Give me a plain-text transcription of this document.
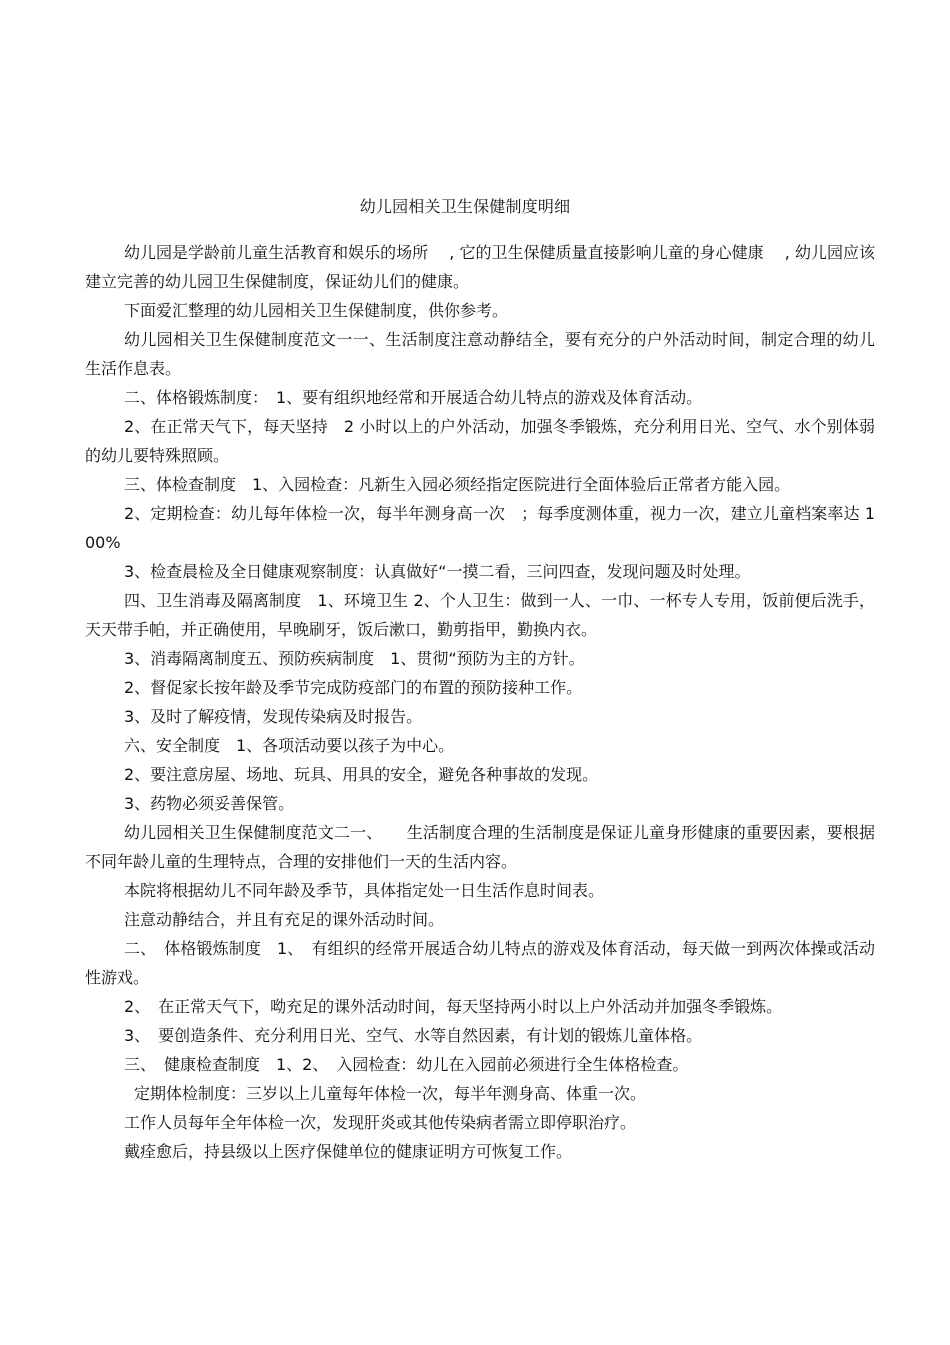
幼儿园相关卫生保健制度明细

幼儿园是学龄前儿童生活教育和娱乐的场所　 , 它的卫生保健质量直接影响儿童的身心健康　 , 幼儿园应该建立完善的幼儿园卫生保健制度，保证幼儿们的健康。

下面爱汇整理的幼儿园相关卫生保健制度，供你参考。

幼儿园相关卫生保健制度范文一一、生活制度注意动静结全，要有充分的户外活动时间，制定合理的幼儿生活作息表。

二、体格锻炼制度：　1、要有组织地经常和开展适合幼儿特点的游戏及体育活动。

2、在正常天气下，每天坚持　2 小时以上的户外活动，加强冬季锻炼，充分利用日光、空气、水个别体弱的幼儿要特殊照顾。

三、体检查制度　1、入园检查：凡新生入园必须经指定医院进行全面体验后正常者方能入园。

2、定期检查：幼儿每年体检一次，每半年测身高一次　；每季度测体重，视力一次，建立儿童档案率达 100%

3、检查晨检及全日健康观察制度：认真做好“一摸二看，三问四查，发现问题及时处理。

四、卫生消毒及隔离制度　1、环境卫生 2、个人卫生：做到一人、一巾、一杯专人专用，饭前便后洗手，天天带手帕，并正确使用，早晚刷牙，饭后漱口，勤剪指甲，勤换内衣。

3、消毒隔离制度五、预防疾病制度　1、贯彻“预防为主的方针。

2、督促家长按年龄及季节完成防疫部门的布置的预防接种工作。

3、及时了解疫情，发现传染病及时报告。

六、安全制度　1、各项活动要以孩子为中心。

2、要注意房屋、场地、玩具、用具的安全，避免各种事故的发现。

3、药物必须妥善保管。

幼儿园相关卫生保健制度范文二一、　　生活制度合理的生活制度是保证儿童身形健康的重要因素，要根据不同年龄儿童的生理特点，合理的安排他们一天的生活内容。

本院将根据幼儿不同年龄及季节，具体指定处一日生活作息时间表。

注意动静结合，并且有充足的课外活动时间。

二、　体格锻炼制度　1、　有组织的经常开展适合幼儿特点的游戏及体育活动，每天做一到两次体操或活动性游戏。

2、　在正常天气下，呦充足的课外活动时间，每天坚持两小时以上户外活动并加强冬季锻炼。

3、　要创造条件、充分利用日光、空气、水等自然因素，有计划的锻炼儿童体格。

三、　健康检查制度　1、2、　入园检查：幼儿在入园前必须进行全生体格检查。

定期体检制度：三岁以上儿童每年体检一次，每半年测身高、体重一次。

工作人员每年全年体检一次，发现肝炎或其他传染病者需立即停职治疗。

戴痊愈后，持县级以上医疗保健单位的健康证明方可恢复工作。
